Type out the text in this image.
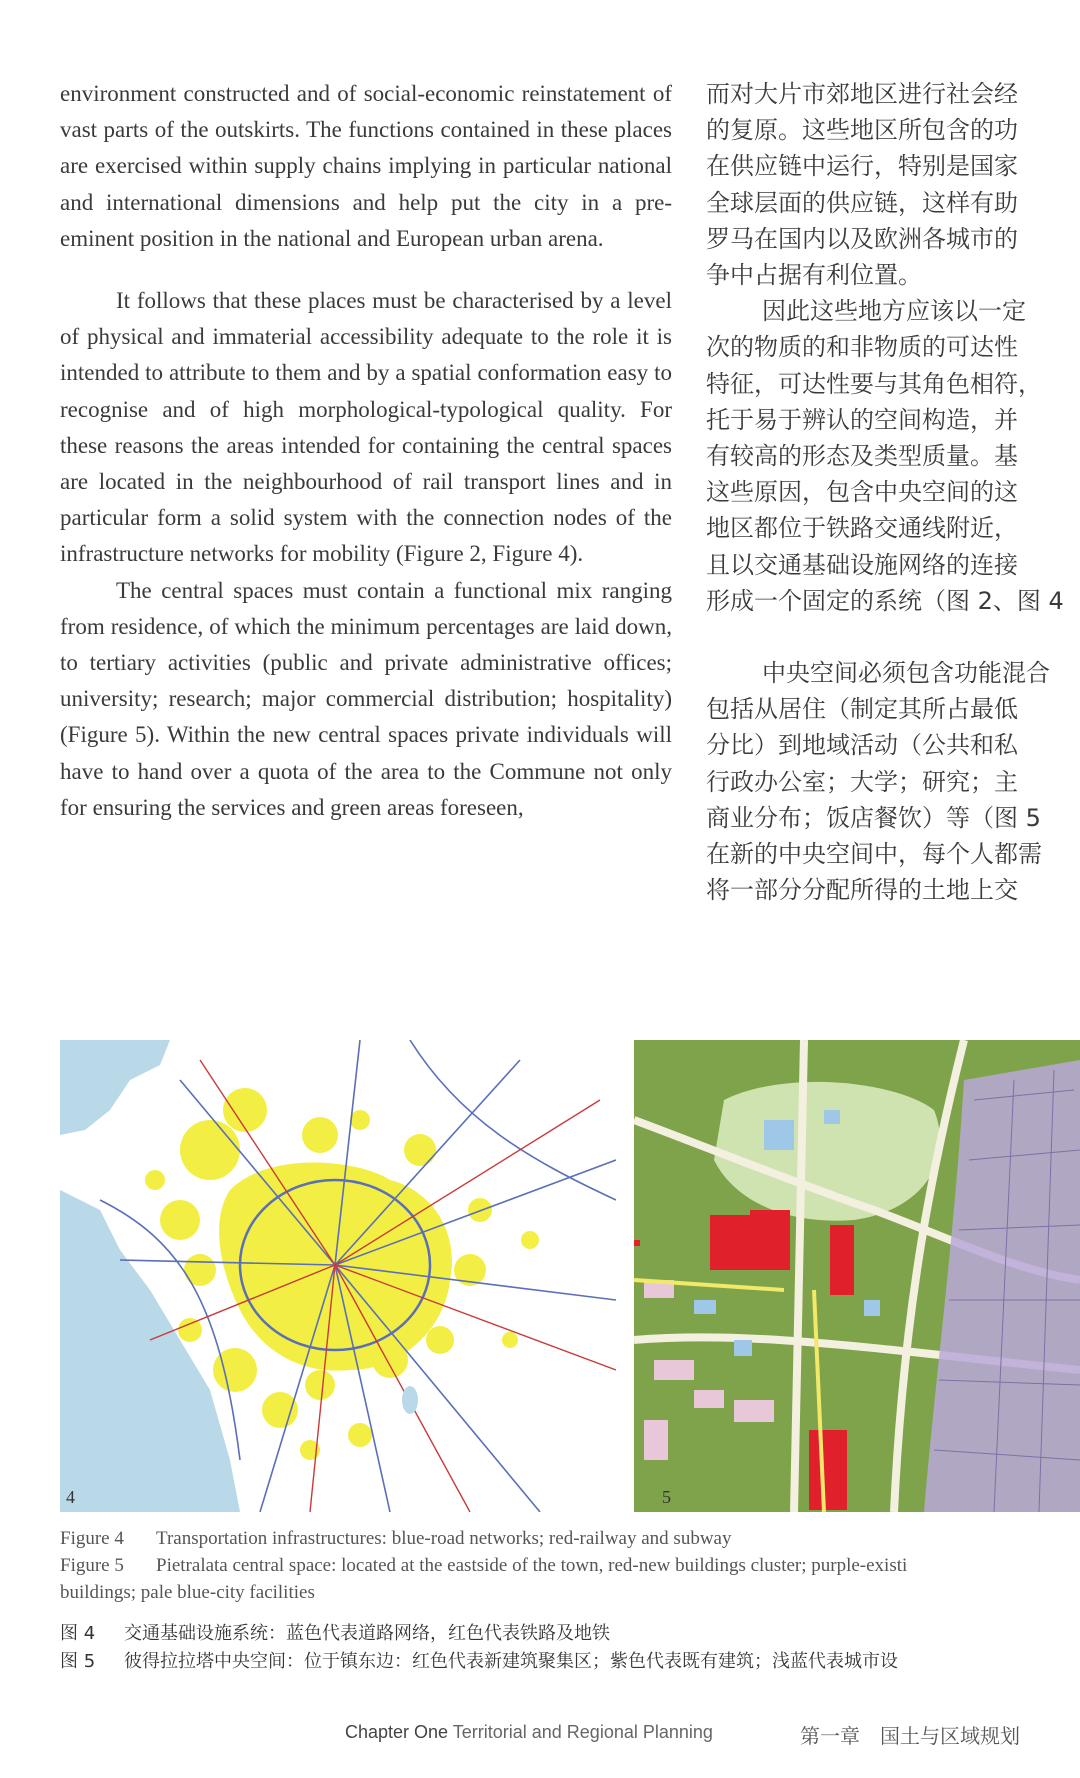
environment constructed and of social-economic reinstatement of vast parts of the outskirts. The functions contained in these places are exercised within supply chains implying in particular national and international dimensions and help put the city in a pre-eminent position in the national and European urban arena.

It follows that these places must be characterised by a level of physical and immaterial accessibility adequate to the role it is intended to attribute to them and by a spatial conformation easy to recognise and of high morphological-typological quality. For these reasons the areas intended for containing the central spaces are located in the neighbourhood of rail transport lines and in particular form a solid system with the connection nodes of the infrastructure networks for mobility (Figure 2, Figure 4).

The central spaces must contain a functional mix ranging from residence, of which the minimum percentages are laid down, to tertiary activities (public and private administrative offices; university; research; major commercial distribution; hospitality) (Figure 5). Within the new central spaces private individuals will have to hand over a quota of the area to the Commune not only for ensuring the services and green areas foreseen,

而对大片市郊地区进行社会经
的复原。这些地区所包含的功
在供应链中运行，特别是国家
全球层面的供应链，这样有助
罗马在国内以及欧洲各城市的
争中占据有利位置。
因此这些地方应该以一定
次的物质的和非物质的可达性
特征，可达性要与其角色相符，
托于易于辨认的空间构造，并
有较高的形态及类型质量。基
这些原因，包含中央空间的这
地区都位于铁路交通线附近，
且以交通基础设施网络的连接
形成一个固定的系统（图 2、图 4
中央空间必须包含功能混合
包括从居住（制定其所占最低
分比）到地域活动（公共和私
行政办公室；大学；研究；主
商业分布；饭店餐饮）等（图 5
在新的中央空间中，每个人都需
将一部分分配所得的土地上交
4	5
Figure 4 Transportation infrastructures: blue-road networks; red-railway and subway
Figure 5 Pietralata central space: located at the eastside of the town, red-new buildings cluster; purple-existi
buildings; pale blue-city facilities
图 4 交通基础设施系统：蓝色代表道路网络，红色代表铁路及地铁
图 5 彼得拉拉塔中央空间：位于镇东边：红色代表新建筑聚集区；紫色代表既有建筑；浅蓝代表城市设
Chapter One Territorial and Regional Planning	第一章　国土与区域规划
